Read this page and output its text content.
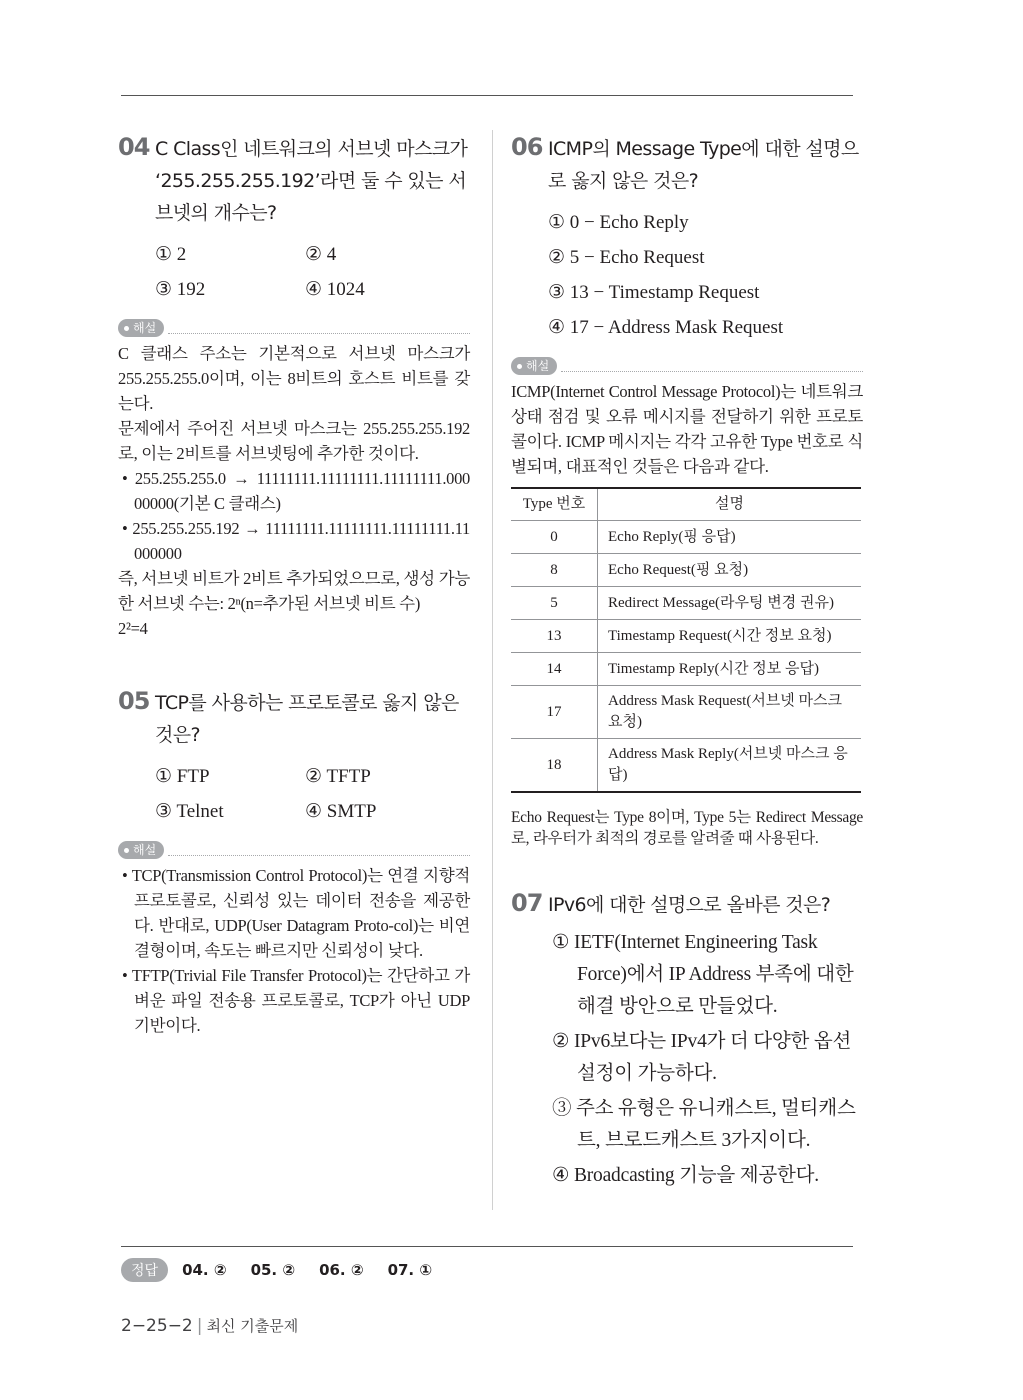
04 C Class인 네트워크의 서브넷 마스크가 ‘255.255.255.192’라면 둘 수 있는 서브넷의 개수는?
① 2	② 4
③ 192	④ 1024
해설

C 클래스 주소는 기본적으로 서브넷 마스크가 255.255.255.0이며, 이는 8비트의 호스트 비트를 갖는다.

문제에서 주어진 서브넷 마스크는 255.255.255.192로, 이는 2비트를 서브넷팅에 추가한 것이다.

• 255.255.255.0 → 11111111.11111111.11111111.000 00000(기본 C 클래스)

• 255.255.255.192 → 11111111.11111111.11111111.11 000000

즉, 서브넷 비트가 2비트 추가되었으므로, 생성 가능한 서브넷 수는: 2ⁿ(n=추가된 서브넷 비트 수)

2²=4

05 TCP를 사용하는 프로토콜로 옳지 않은 것은?
① FTP	② TFTP
③ Telnet	④ SMTP
해설

• TCP(Transmission Control Protocol)는 연결 지향적 프로토콜로, 신뢰성 있는 데이터 전송을 제공한다. 반대로, UDP(User Datagram Proto-col)는 비연결형이며, 속도는 빠르지만 신뢰성이 낮다.

• TFTP(Trivial File Transfer Protocol)는 간단하고 가벼운 파일 전송용 프로토콜로, TCP가 아닌 UDP 기반이다.

06 ICMP의 Message Type에 대한 설명으로 옳지 않은 것은?
① 0 − Echo Reply
② 5 − Echo Request
③ 13 − Timestamp Request
④ 17 − Address Mask Request
해설
ICMP(Internet Control Message Protocol)는 네트워크 상태 점검 및 오류 메시지를 전달하기 위한 프로토콜이다. ICMP 메시지는 각각 고유한 Type 번호로 식별되며, 대표적인 것들은 다음과 같다.
Type 번호	설명
0	Echo Reply(핑 응답)
8	Echo Request(핑 요청)
5	Redirect Message(라우팅 변경 권유)
13	Timestamp Request(시간 정보 요청)
14	Timestamp Reply(시간 정보 응답)
17	Address Mask Request(서브넷 마스크 요청)
18	Address Mask Reply(서브넷 마스크 응답)
Echo Request는 Type 8이며, Type 5는 Redirect Message로, 라우터가 최적의 경로를 알려줄 때 사용된다.
07 IPv6에 대한 설명으로 올바른 것은?
① IETF(Internet Engineering Task Force)에서 IP Address 부족에 대한 해결 방안으로 만들었다.
② IPv6보다는 IPv4가 더 다양한 옵션 설정이 가능하다.
③ 주소 유형은 유니캐스트, 멀티캐스트, 브로드캐스트 3가지이다.
④ Broadcasting 기능을 제공한다.
정답	04. ② 05. ② 06. ② 07. ①
2−25−2 | 최신 기출문제
